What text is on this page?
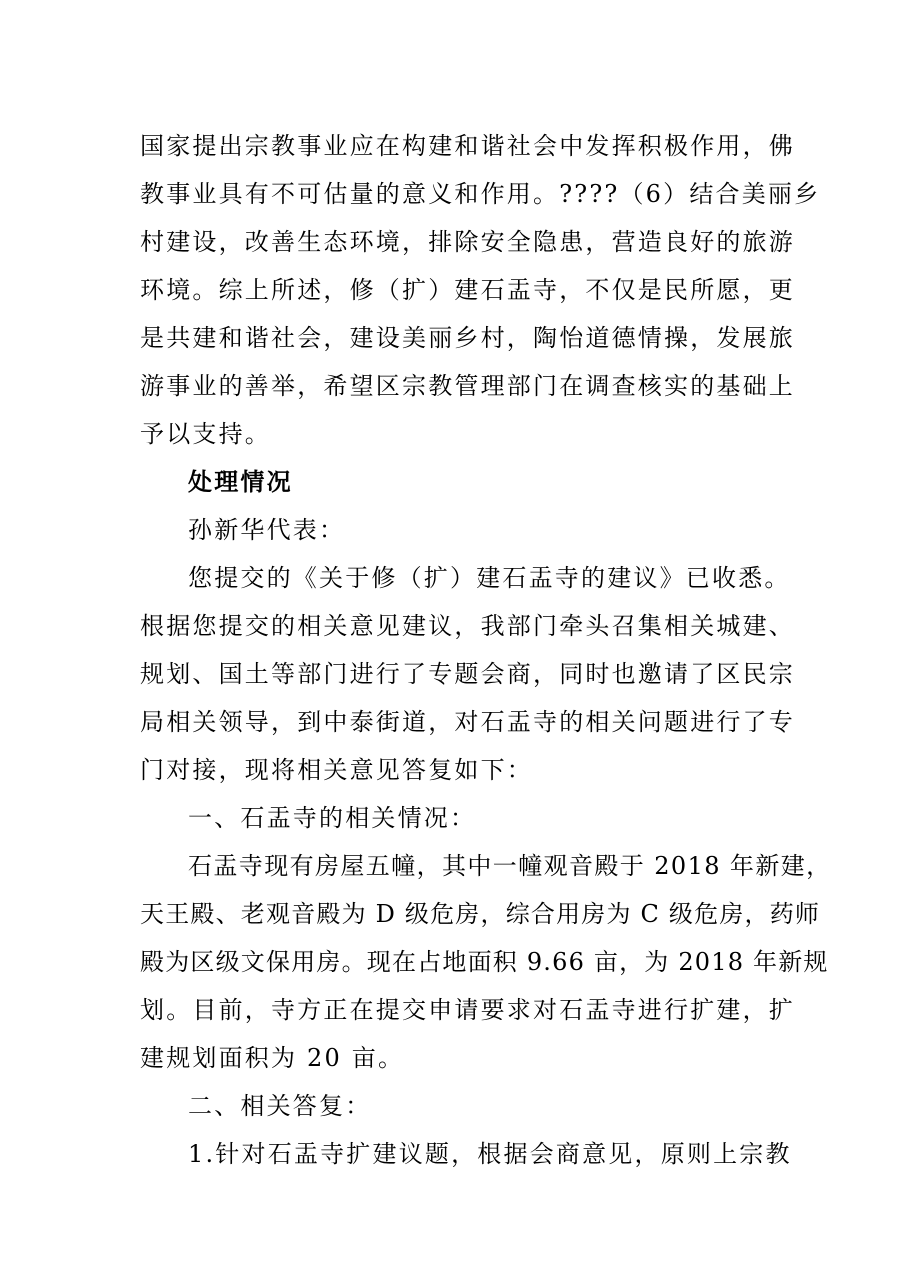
国家提出宗教事业应在构建和谐社会中发挥积极作用，佛
教事业具有不可估量的意义和作用。????（6）结合美丽乡
村建设，改善生态环境，排除安全隐患，营造良好的旅游
环境。综上所述，修（扩）建石盂寺，不仅是民所愿，更
是共建和谐社会，建设美丽乡村，陶怡道德情操，发展旅
游事业的善举，希望区宗教管理部门在调查核实的基础上
予以支持。
处理情况
孙新华代表：
您提交的《关于修（扩）建石盂寺的建议》已收悉。
根据您提交的相关意见建议，我部门牵头召集相关城建、
规划、国土等部门进行了专题会商，同时也邀请了区民宗
局相关领导，到中泰街道，对石盂寺的相关问题进行了专
门对接，现将相关意见答复如下：
一、石盂寺的相关情况：
石盂寺现有房屋五幢，其中一幢观音殿于 2018 年新建，
天王殿、老观音殿为 D 级危房，综合用房为 C 级危房，药师
殿为区级文保用房。现在占地面积 9.66 亩，为 2018 年新规
划。目前，寺方正在提交申请要求对石盂寺进行扩建，扩
建规划面积为 20 亩。
二、相关答复：
1.针对石盂寺扩建议题，根据会商意见，原则上宗教
